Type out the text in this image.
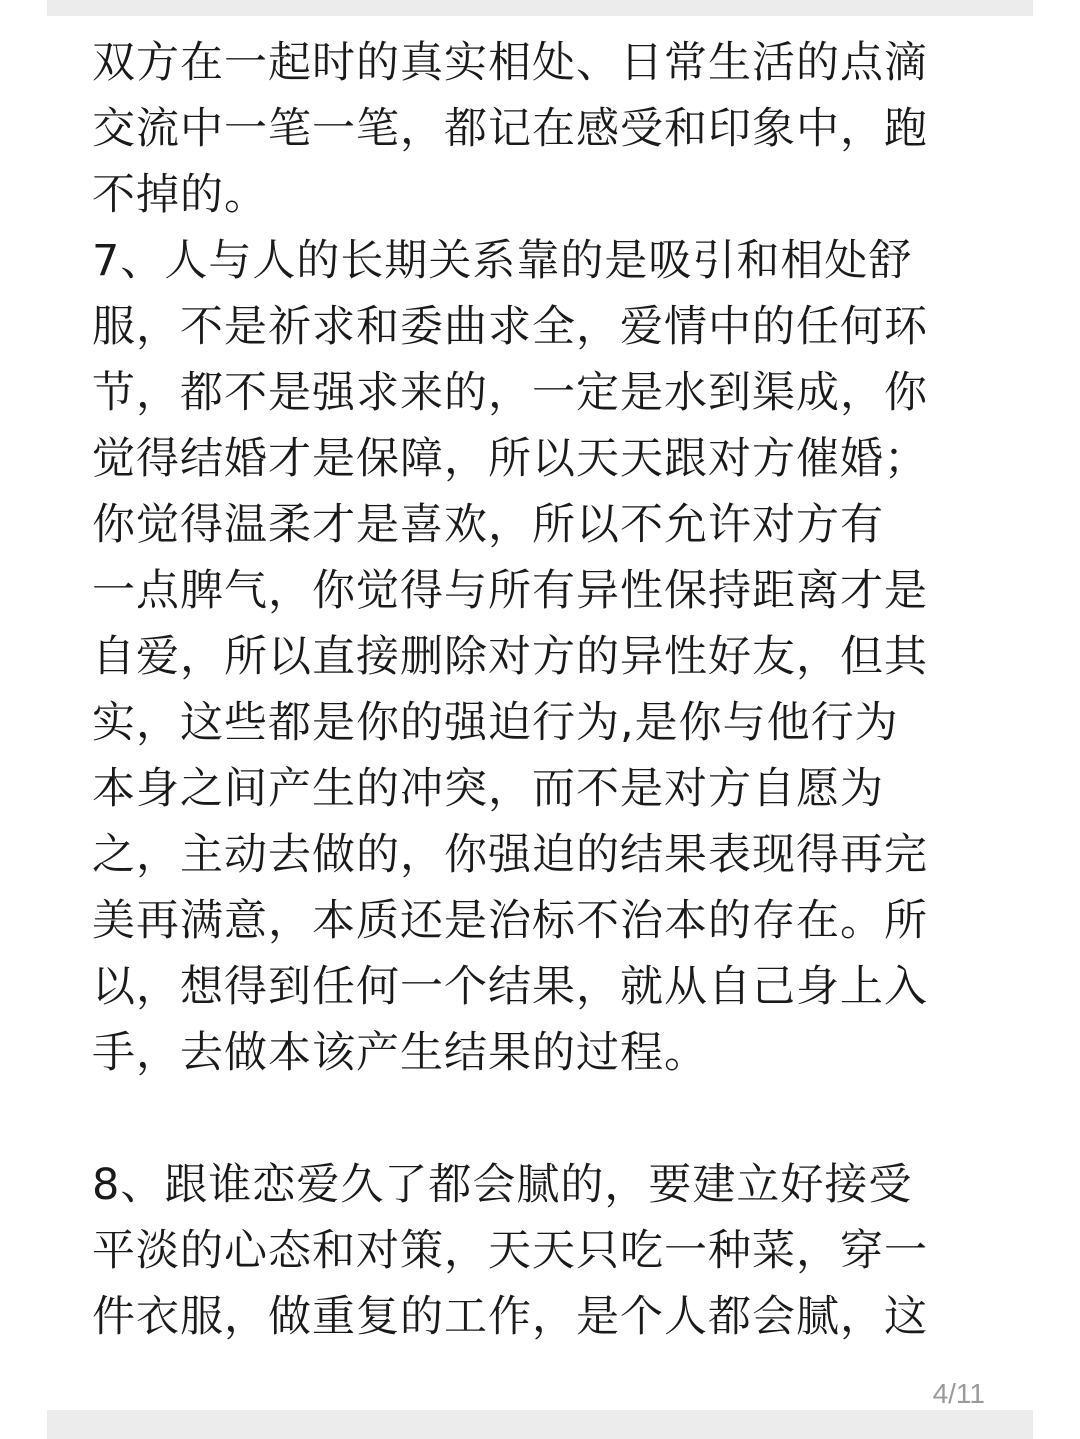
双方在一起时的真实相处、日常生活的点滴
交流中一笔一笔，都记在感受和印象中，跑
不掉的。
7、人与人的长期关系靠的是吸引和相处舒
服，不是祈求和委曲求全，爱情中的任何环
节，都不是强求来的，一定是水到渠成，你
觉得结婚才是保障，所以天天跟对方催婚；
你觉得温柔才是喜欢，所以不允许对方有
一点脾气，你觉得与所有异性保持距离才是
自爱，所以直接删除对方的异性好友，但其
实，这些都是你的强迫行为,是你与他行为
本身之间产生的冲突，而不是对方自愿为
之，主动去做的，你强迫的结果表现得再完
美再满意，本质还是治标不治本的存在。所
以，想得到任何一个结果，就从自己身上入
手，去做本该产生结果的过程。
8、跟谁恋爱久了都会腻的，要建立好接受
平淡的心态和对策，天天只吃一种菜，穿一
件衣服，做重复的工作，是个人都会腻，这
4/11
